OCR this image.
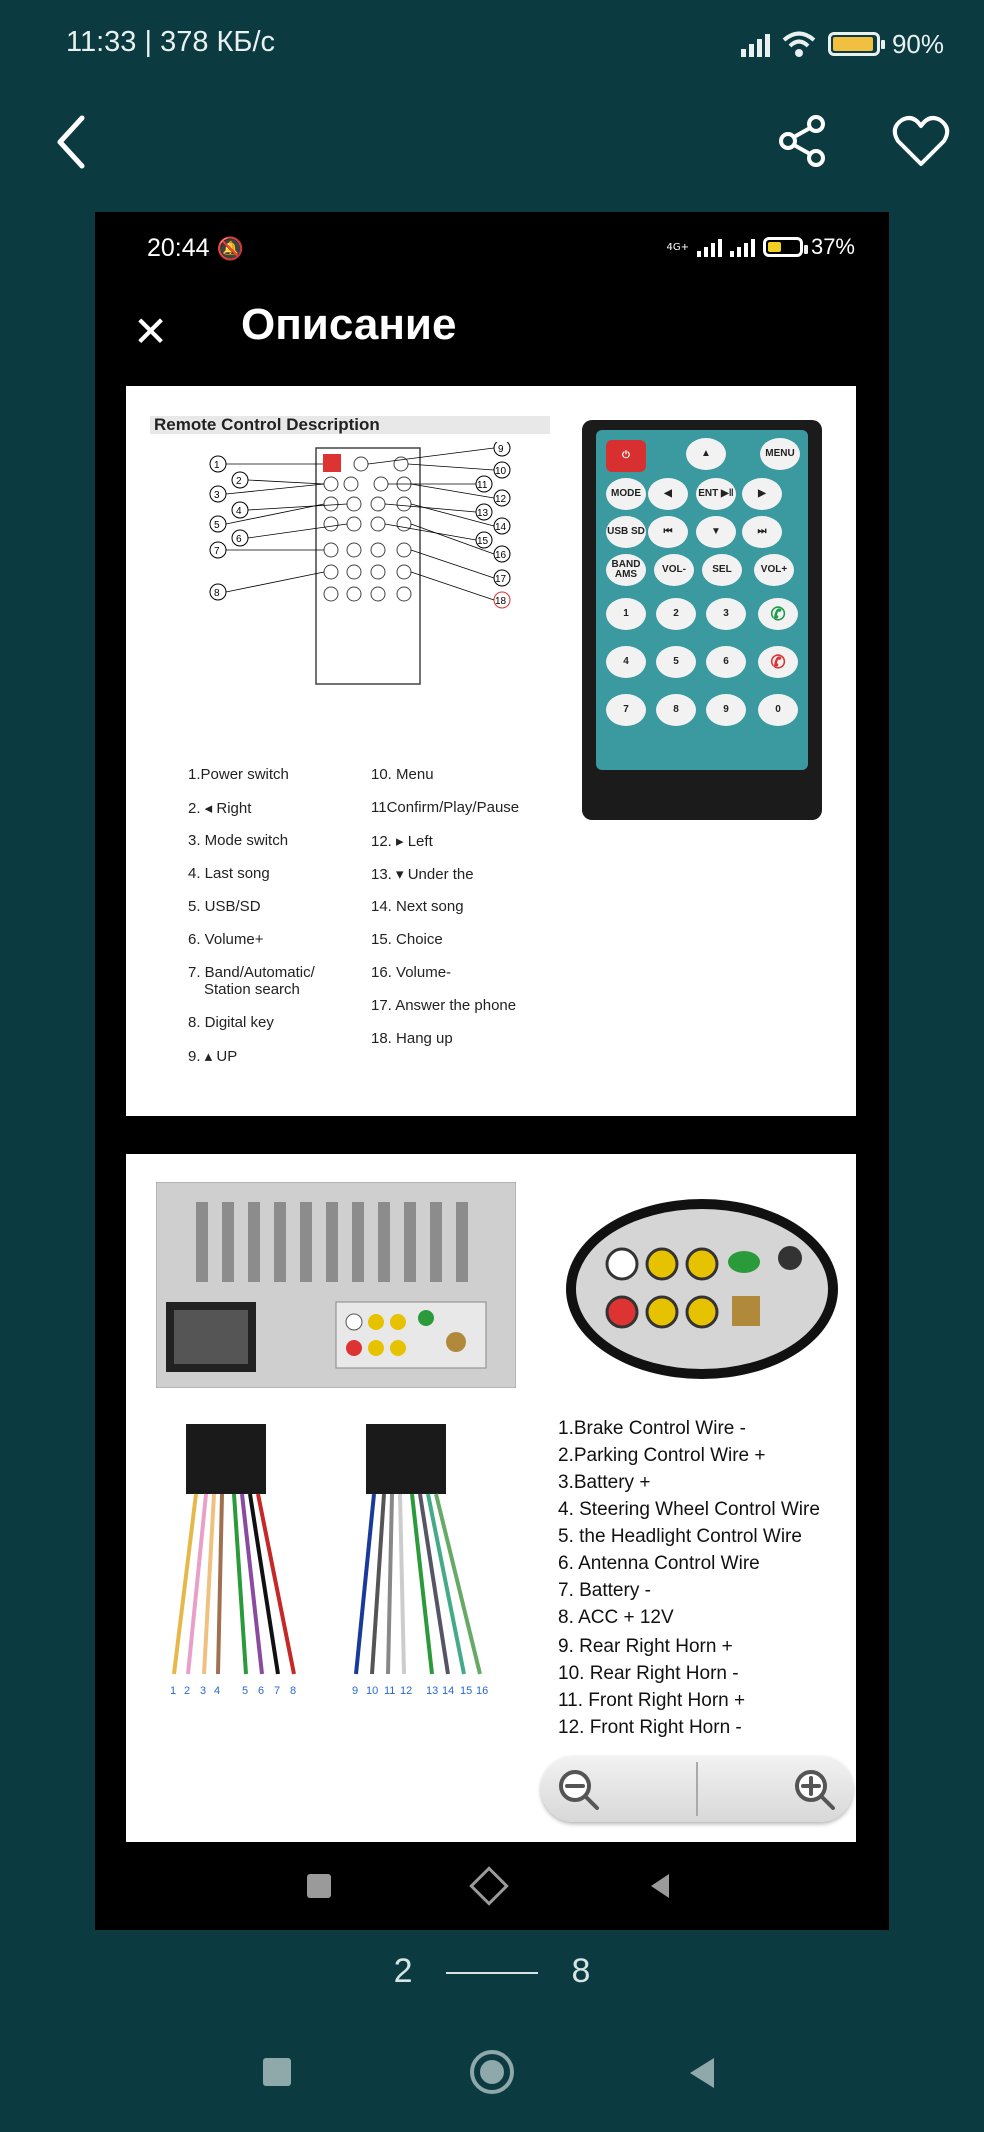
11:33 | 378 КБ/с	90%
20:44 🔕	4G+	37%
✕ Описание
Remote Control Description
1
2
3
4
5
6
7
8
9
10
11
12
13
14
15
16
17
18
⏻	▲	MENU
MODE	◀	ENT ▶ǁ	▶
USB SD	⏮	▼	⏭
BAND AMS	VOL-	SEL	VOL+
1	2	3	✆
4	5	6	✆
7	8	9	0
1.Power switch
2. ◂ Right
3. Mode switch
4. Last song
5. USB/SD
6. Volume+
7. Band/Automatic/
Station search
8. Digital key
9. ▴ UP
10. Menu
11Confirm/Play/Pause
12. ▸ Left
13. ▾ Under the
14. Next song
15. Choice
16. Volume-
17. Answer the phone
18. Hang up
1 2 3 4 5 6 7 8	9 10 11 12 13 14 15 16
1.Brake Control Wire -
2.Parking Control Wire +
3.Battery +
4. Steering Wheel Control Wire
5. the Headlight Control Wire
6. Antenna Control Wire
7. Battery -
8. ACC + 12V
9. Rear Right Horn +
10. Rear Right Horn -
11. Front Right Horn +
12. Front Right Horn -
2	8
